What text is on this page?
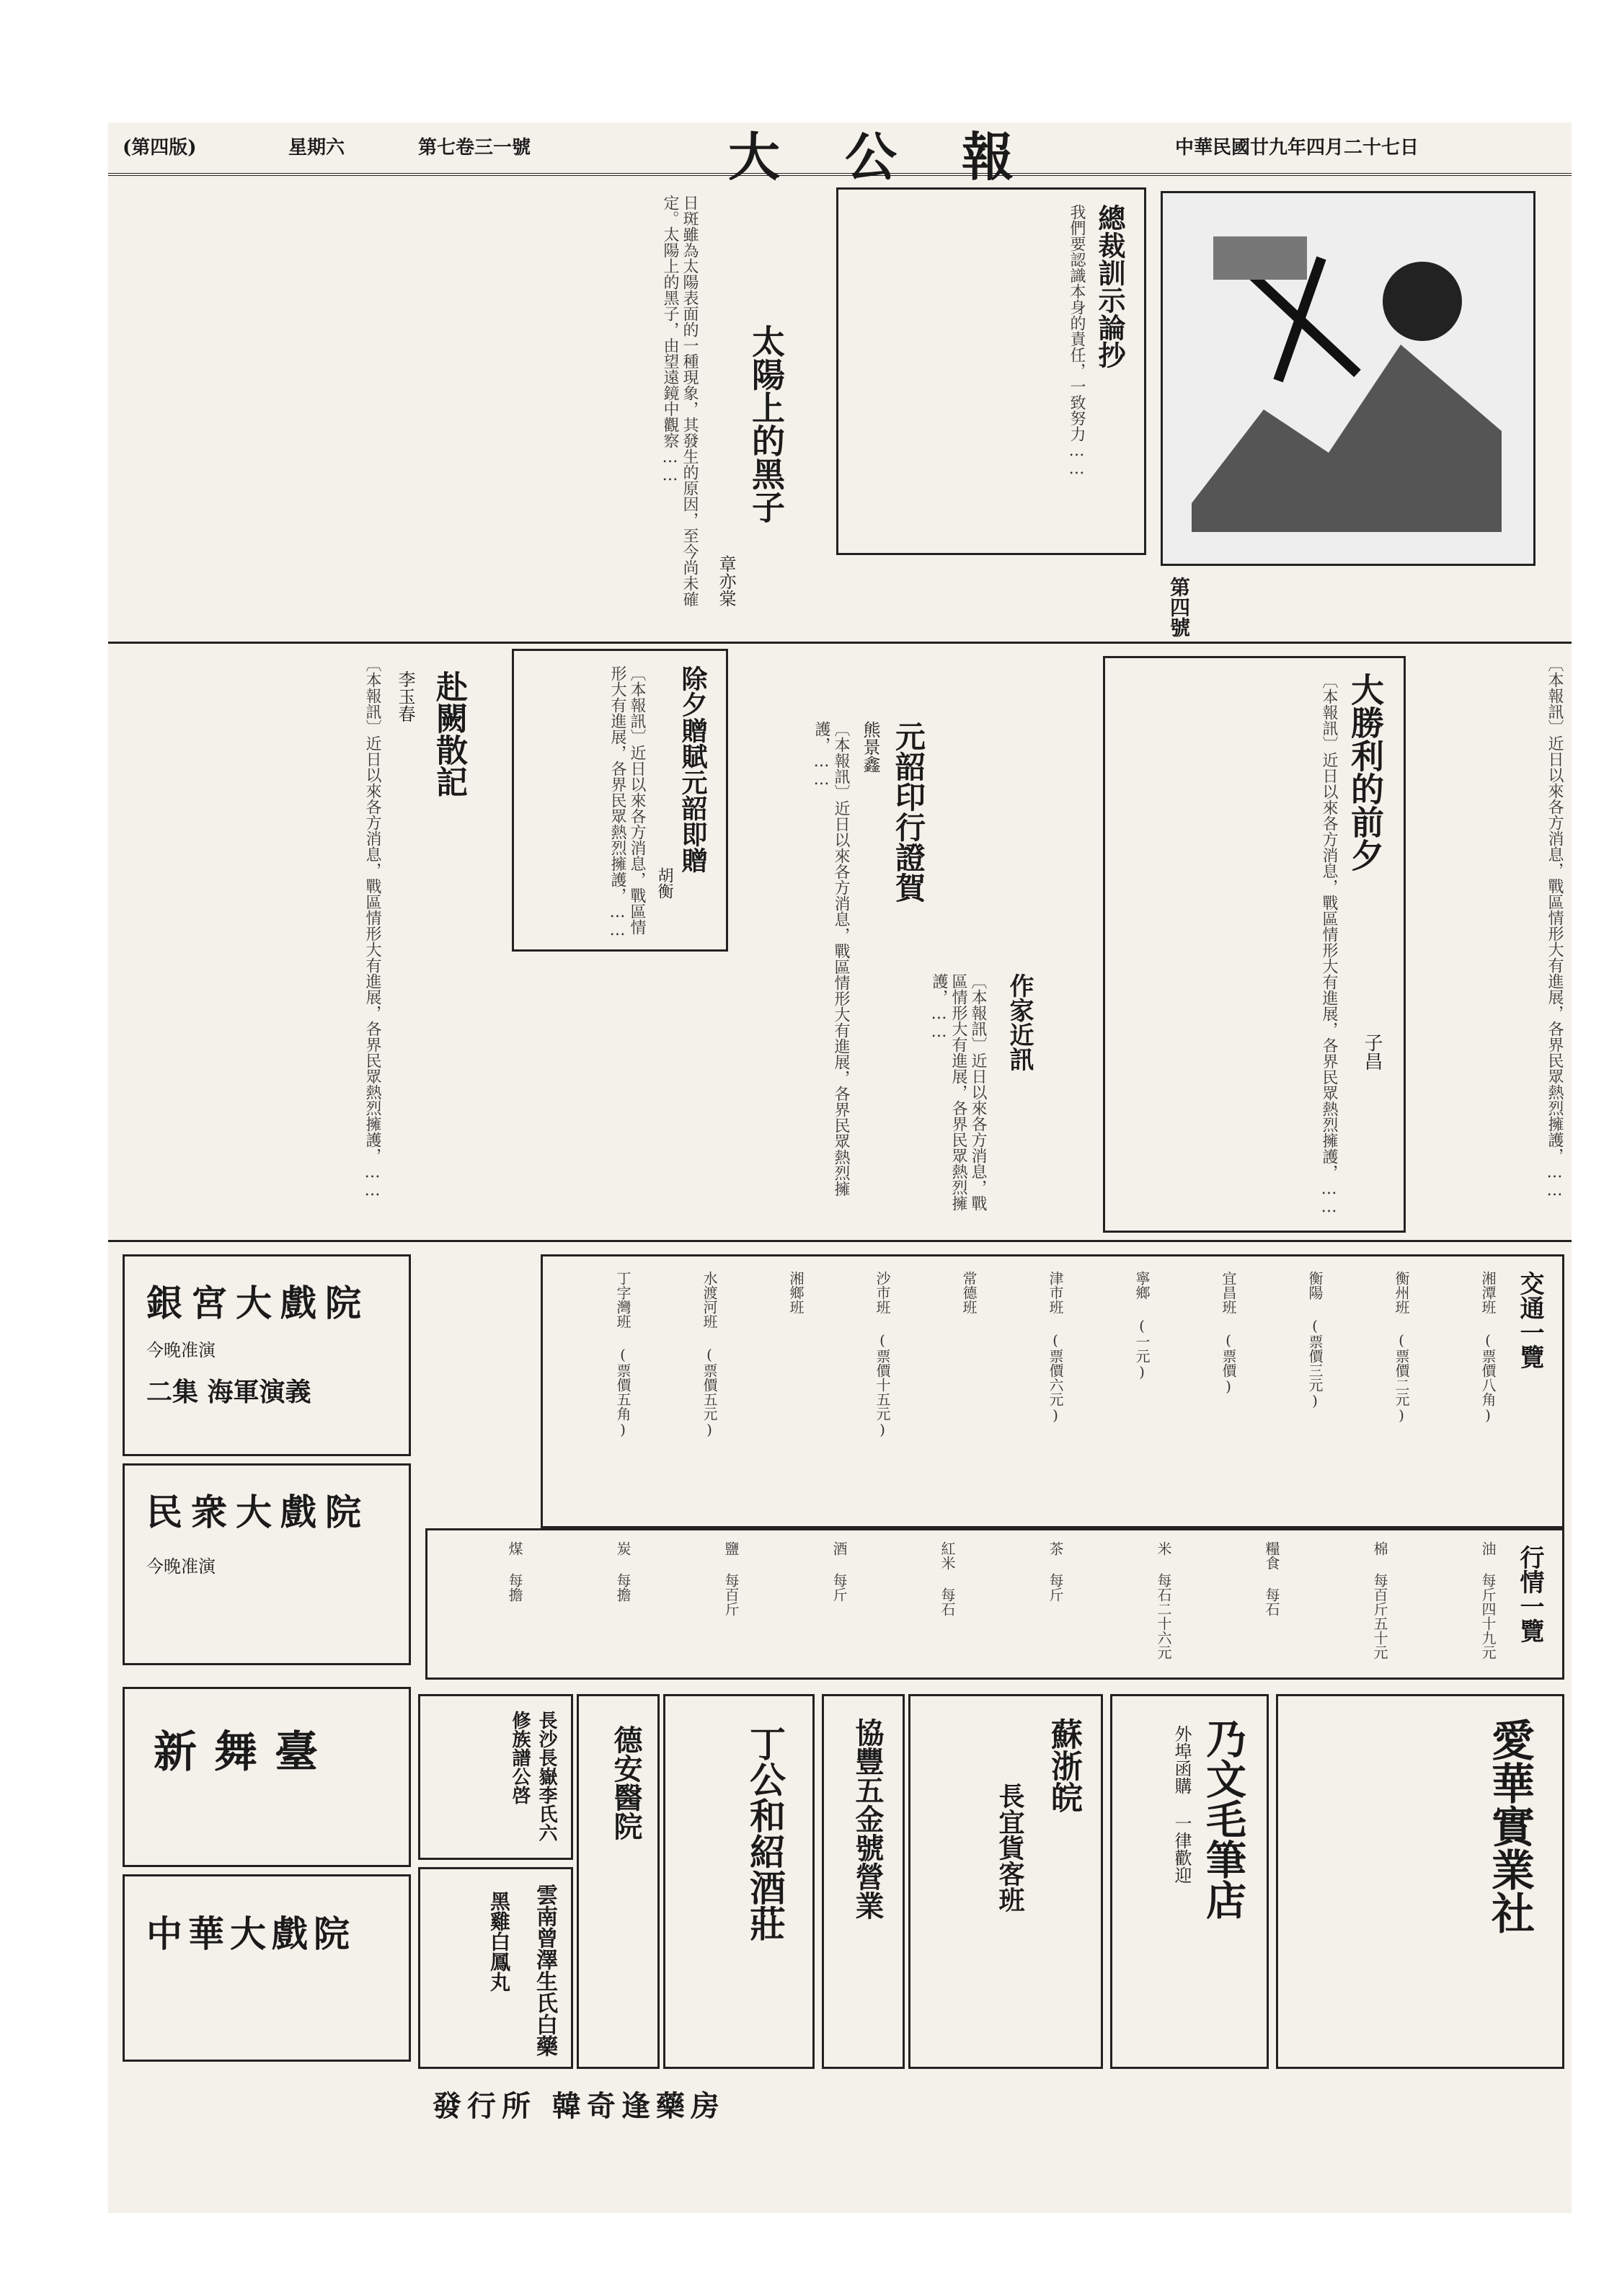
中華民國廿九年四月二十七日
大公報
第七卷三一號
星期六
(第四版)
第四號
總裁訓示論抄
我們要認識本身的責任，一致努力……
太陽上的黑子
章亦棠
日斑雖為太陽表面的一種現象，其發生的原因，至今尚未確定。太陽上的黑子，由望遠鏡中觀察……
大勝利的前夕
子昌
〔本報訊〕近日以來各方消息，戰區情形大有進展，各界民眾熱烈擁護，……	〔本報訊〕近日以來各方消息，戰區情形大有進展，各界民眾熱烈擁護，……
元韶印行證賀
熊景鑫
〔本報訊〕近日以來各方消息，戰區情形大有進展，各界民眾熱烈擁護，……
除夕贈賦元韶即贈
胡衡
〔本報訊〕近日以來各方消息，戰區情形大有進展，各界民眾熱烈擁護，……
赴闕散記
李玉春
〔本報訊〕近日以來各方消息，戰區情形大有進展，各界民眾熱烈擁護，……	作家近訊
〔本報訊〕近日以來各方消息，戰區情形大有進展，各界民眾熱烈擁護，……
交通一覽
湘潭班 (票價八角)
衡州班 (票價二元)
衡陽 (票價三元)
宜昌班 (票價)
寧鄉 (一元)
津市班 (票價六元)
常德班
沙市班 (票價十五元)
湘鄉班
水渡河班 (票價五元)
丁字灣班 (票價五角)
行情一覽
油 每斤四十九元
棉 每百斤五十元
糧食 每石
米 每石二十六元
茶 每斤
紅米 每石
酒 每斤
鹽 每百斤
炭 每擔
煤 每擔
銀宮大戲院
今晚准演
二集 海軍演義
民衆大戲院
今晚准演
新舞臺
中華大戲院	愛華實業社
乃文毛筆店
外埠函購 一律歡迎
蘇浙皖
長宜貨客班
協豐五金號營業
丁公和紹酒莊
德安醫院
長沙長嶽李氏六修族譜公啓
雲南曾澤生氏白藥
黑雞白鳳丸
發行所 韓奇逢藥房
